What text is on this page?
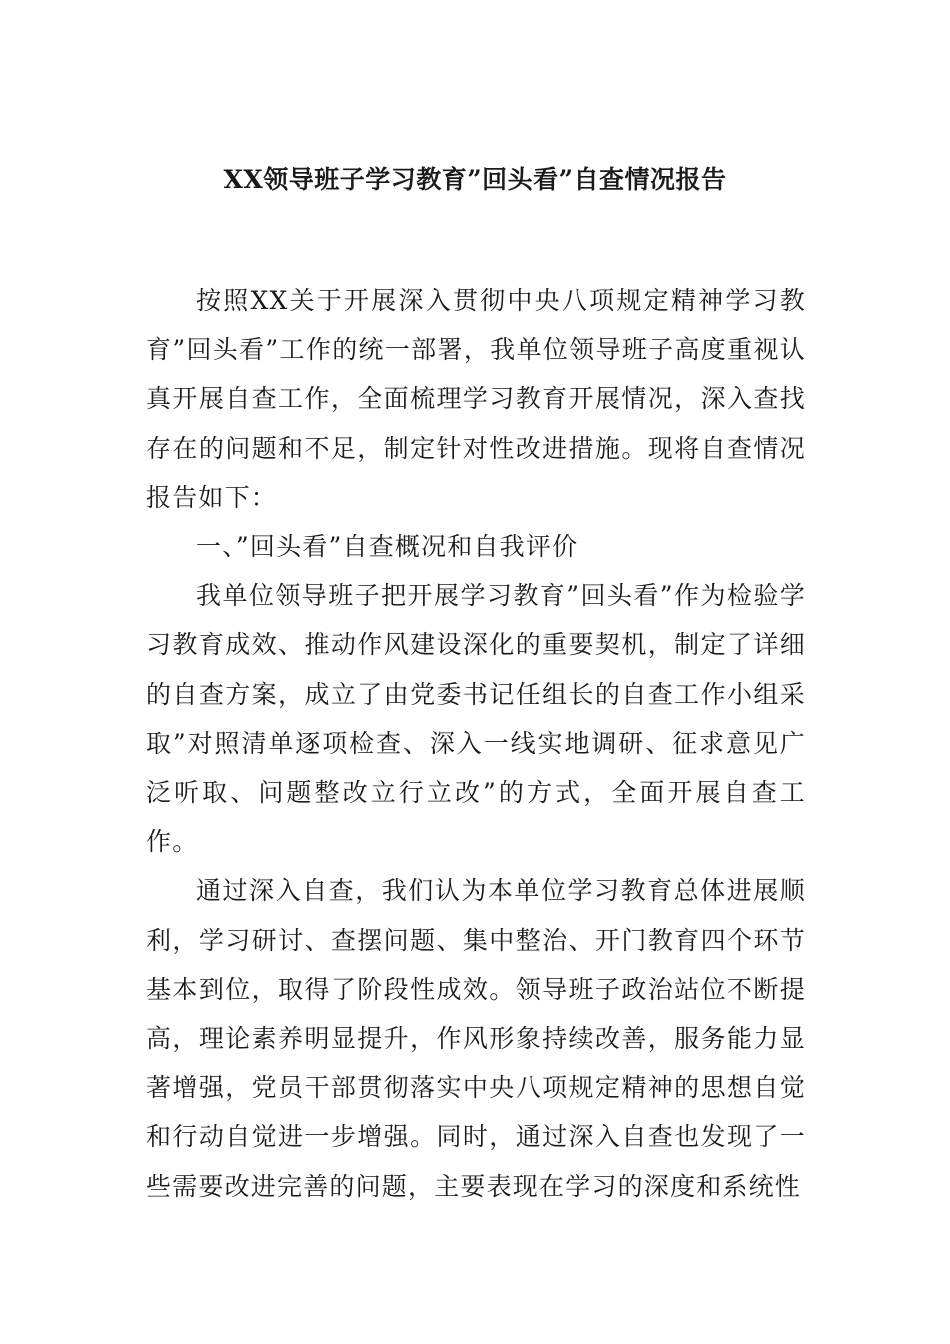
XX领导班子学习教育”回头看”自查情况报告

按照XX关于开展深入贯彻中央八项规定精神学习教育”回头看”工作的统一部署，我单位领导班子高度重视认真开展自查工作，全面梳理学习教育开展情况，深入查找存在的问题和不足，制定针对性改进措施。现将自查情况报告如下：

一、”回头看”自查概况和自我评价

我单位领导班子把开展学习教育”回头看”作为检验学习教育成效、推动作风建设深化的重要契机，制定了详细的自查方案，成立了由党委书记任组长的自查工作小组采取”对照清单逐项检查、深入一线实地调研、征求意见广泛听取、问题整改立行立改”的方式，全面开展自查工作。

通过深入自查，我们认为本单位学习教育总体进展顺利，学习研讨、查摆问题、集中整治、开门教育四个环节基本到位，取得了阶段性成效。领导班子政治站位不断提高，理论素养明显提升，作风形象持续改善，服务能力显著增强，党员干部贯彻落实中央八项规定精神的思想自觉和行动自觉进一步增强。同时，通过深入自查也发现了一些需要改进完善的问题，主要表现在学习的深度和系统性
